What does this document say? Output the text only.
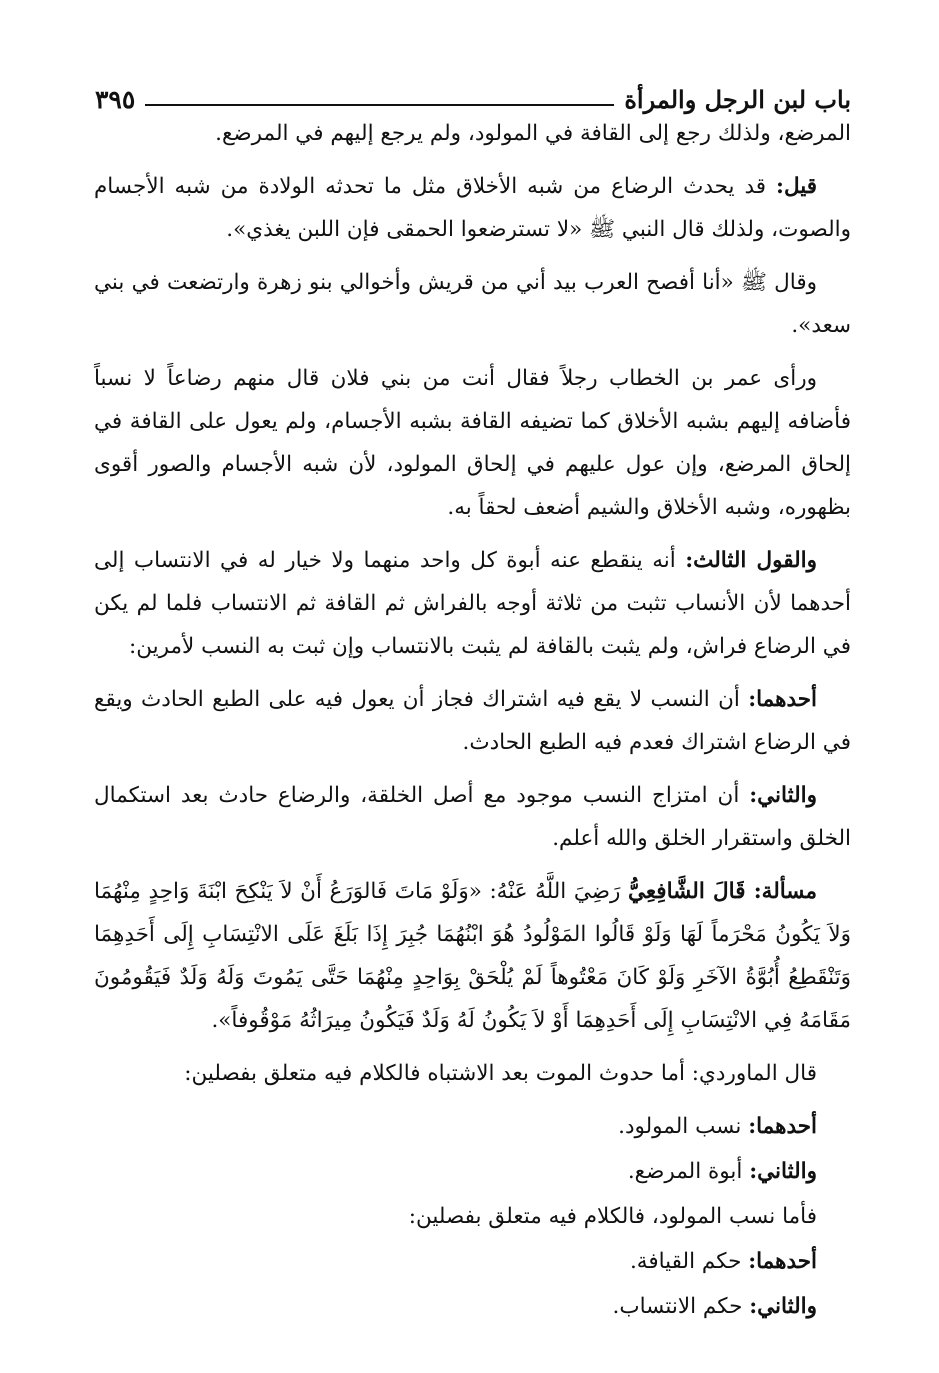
باب لبن الرجل والمرأة
٣٩٥

المرضع، ولذلك رجع إلى القافة في المولود، ولم يرجع إليهم في المرضع.

قيل: قد يحدث الرضاع من شبه الأخلاق مثل ما تحدثه الولادة من شبه الأجسام والصوت، ولذلك قال النبي ﷺ «لا تسترضعوا الحمقى فإن اللبن يغذي».

وقال ﷺ «أنا أفصح العرب بيد أني من قريش وأخوالي بنو زهرة وارتضعت في بني سعد».

ورأى عمر بن الخطاب رجلاً فقال أنت من بني فلان قال منهم رضاعاً لا نسباً فأضافه إليهم بشبه الأخلاق كما تضيفه القافة بشبه الأجسام، ولم يعول على القافة في إلحاق المرضع، وإن عول عليهم في إلحاق المولود، لأن شبه الأجسام والصور أقوى بظهوره، وشبه الأخلاق والشيم أضعف لحقاً به.

والقول الثالث: أنه ينقطع عنه أبوة كل واحد منهما ولا خيار له في الانتساب إلى أحدهما لأن الأنساب تثبت من ثلاثة أوجه بالفراش ثم القافة ثم الانتساب فلما لم يكن في الرضاع فراش، ولم يثبت بالقافة لم يثبت بالانتساب وإن ثبت به النسب لأمرين:

أحدهما: أن النسب لا يقع فيه اشتراك فجاز أن يعول فيه على الطبع الحادث ويقع في الرضاع اشتراك فعدم فيه الطبع الحادث.

والثاني: أن امتزاج النسب موجود مع أصل الخلقة، والرضاع حادث بعد استكمال الخلق واستقرار الخلق والله أعلم.

مسألة: قَالَ الشَّافِعِيُّ رَضِيَ اللَّهُ عَنْهُ: «وَلَوْ مَاتَ فَالوَرَعُ أَنْ لاَ يَنْكِحَ ابْنَةَ وَاحِدٍ مِنْهُمَا وَلاَ يَكُونُ مَحْرَماً لَهَا وَلَوْ قَالُوا المَوْلُودُ هُوَ ابْنُهُمَا جُبِرَ إِذَا بَلَغَ عَلَى الانْتِسَابِ إِلَى أَحَدِهِمَا وَتَنْقَطِعُ أُبُوَّةُ الآخَرِ وَلَوْ كَانَ مَعْتُوهاً لَمْ يُلْحَقْ بِوَاحِدٍ مِنْهُمَا حَتَّى يَمُوتَ وَلَهُ وَلَدٌ فَيَقُومُونَ مَقَامَهُ فِي الانْتِسَابِ إِلَى أَحَدِهِمَا أَوْ لاَ يَكُونُ لَهُ وَلَدٌ فَيَكُونُ مِيرَاثُهُ مَوْقُوفاً».

قال الماوردي: أما حدوث الموت بعد الاشتباه فالكلام فيه متعلق بفصلين:

أحدهما: نسب المولود.

والثاني: أبوة المرضع.

فأما نسب المولود، فالكلام فيه متعلق بفصلين:

أحدهما: حكم القيافة.

والثاني: حكم الانتساب.
